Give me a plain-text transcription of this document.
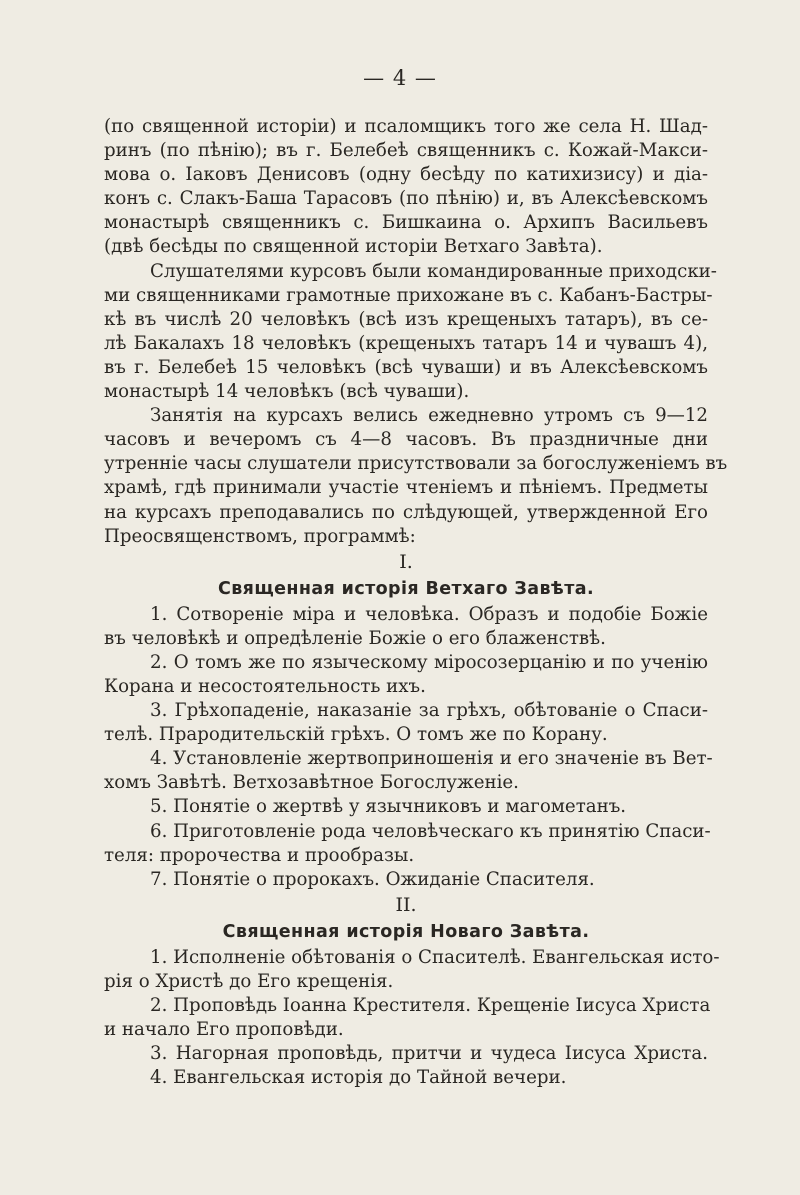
— 4 —
(по священной исторіи) и псаломщикъ того же села Н. Шад-
ринъ (по пѣнію); въ г. Белебеѣ священникъ с. Кожай-Макси-
мова о. Іаковъ Денисовъ (одну бесѣду по катихизису) и діа-
конъ с. Слакъ-Баша Тарасовъ (по пѣнію) и, въ Алексѣевскомъ
монастырѣ священникъ с. Бишкаина о. Архипъ Васильевъ
(двѣ бесѣды по священной исторіи Ветхаго Завѣта).
Слушателями курсовъ были командированные приходски-
ми священниками грамотные прихожане въ с. Кабанъ-Бастры-
кѣ въ числѣ 20 человѣкъ (всѣ изъ крещеныхъ татаръ), въ се-
лѣ Бакалахъ 18 человѣкъ (крещеныхъ татаръ 14 и чувашъ 4),
въ г. Белебеѣ 15 человѣкъ (всѣ чуваши) и въ Алексѣевскомъ
монастырѣ 14 человѣкъ (всѣ чуваши).
Занятія на курсахъ велись ежедневно утромъ съ 9—12
часовъ и вечеромъ съ 4—8 часовъ. Въ праздничные дни
утренніе часы слушатели присутствовали за богослуженіемъ въ
храмѣ, гдѣ принимали участіе чтеніемъ и пѣніемъ. Предметы
на курсахъ преподавались по слѣдующей, утвержденной Его
Преосвященствомъ, программѣ:
I.
Священная исторія Ветхаго Завѣта.
1. Сотвореніе міра и человѣка. Образъ и подобіе Божіе
въ человѣкѣ и опредѣленіе Божіе о его блаженствѣ.
2. О томъ же по языческому міросозерцанію и по ученію
Корана и несостоятельность ихъ.
3. Грѣхопаденіе, наказаніе за грѣхъ, обѣтованіе о Спаси-
телѣ. Прародительскій грѣхъ. О томъ же по Корану.
4. Установленіе жертвоприношенія и его значеніе въ Вет-
хомъ Завѣтѣ. Ветхозавѣтное Богослуженіе.
5. Понятіе о жертвѣ у язычниковъ и магометанъ.
6. Приготовленіе рода человѣческаго къ принятію Спаси-
теля: пророчества и прообразы.
7. Понятіе о пророкахъ. Ожиданіе Спасителя.
II.
Священная исторія Новаго Завѣта.
1. Исполненіе обѣтованія о Спасителѣ. Евангельская исто-
рія о Христѣ до Его крещенія.
2. Проповѣдь Іоанна Крестителя. Крещеніе Іисуса Христа
и начало Его проповѣди.
3. Нагорная проповѣдь, притчи и чудеса Іисуса Христа.
4. Евангельская исторія до Тайной вечери.
